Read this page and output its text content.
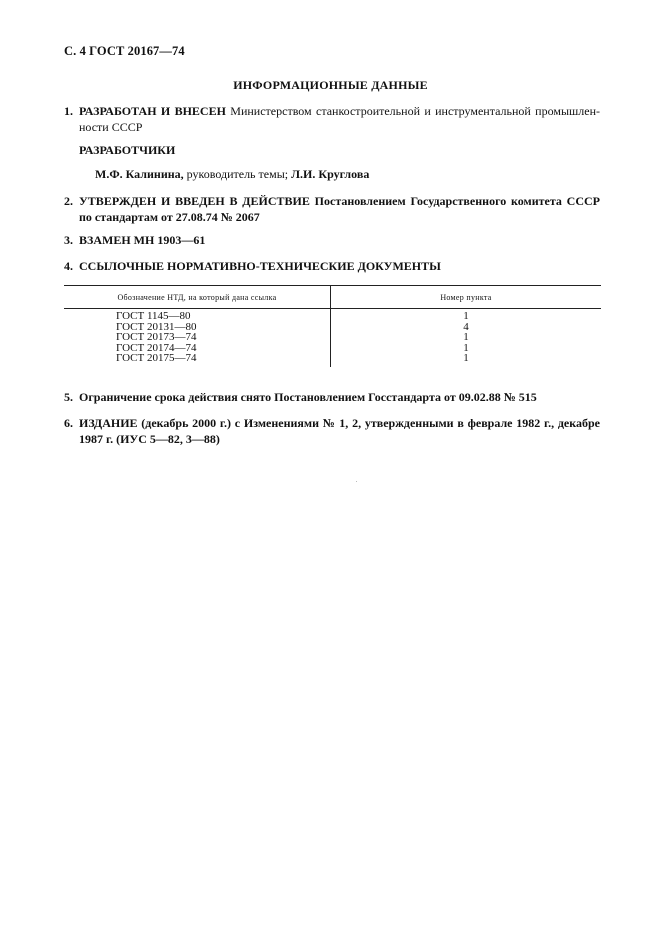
С. 4 ГОСТ 20167—74
ИНФОРМАЦИОННЫЕ ДАННЫЕ
1. РАЗРАБОТАН И ВНЕСЕН Министерством станкостроительной и инструментальной промышлен-ности СССР
РАЗРАБОТЧИКИ
М.Ф. Калинина, руководитель темы; Л.И. Круглова
2. УТВЕРЖДЕН И ВВЕДЕН В ДЕЙСТВИЕ Постановлением Государственного комитета СССР по стандартам от 27.08.74 № 2067
3. ВЗАМЕН МН 1903—61
4. ССЫЛОЧНЫЕ НОРМАТИВНО-ТЕХНИЧЕСКИЕ ДОКУМЕНТЫ
Обозначение НТД, на который дана ссылка	Номер пункта
ГОСТ 1145—80	1
ГОСТ 20131—80	4
ГОСТ 20173—74	1
ГОСТ 20174—74	1
ГОСТ 20175—74	1
5. Ограничение срока действия снято Постановлением Госстандарта от 09.02.88 № 515
6. ИЗДАНИЕ (декабрь 2000 г.) с Изменениями № 1, 2, утвержденными в феврале 1982 г., декабре 1987 г. (ИУС 5—82, 3—88)
